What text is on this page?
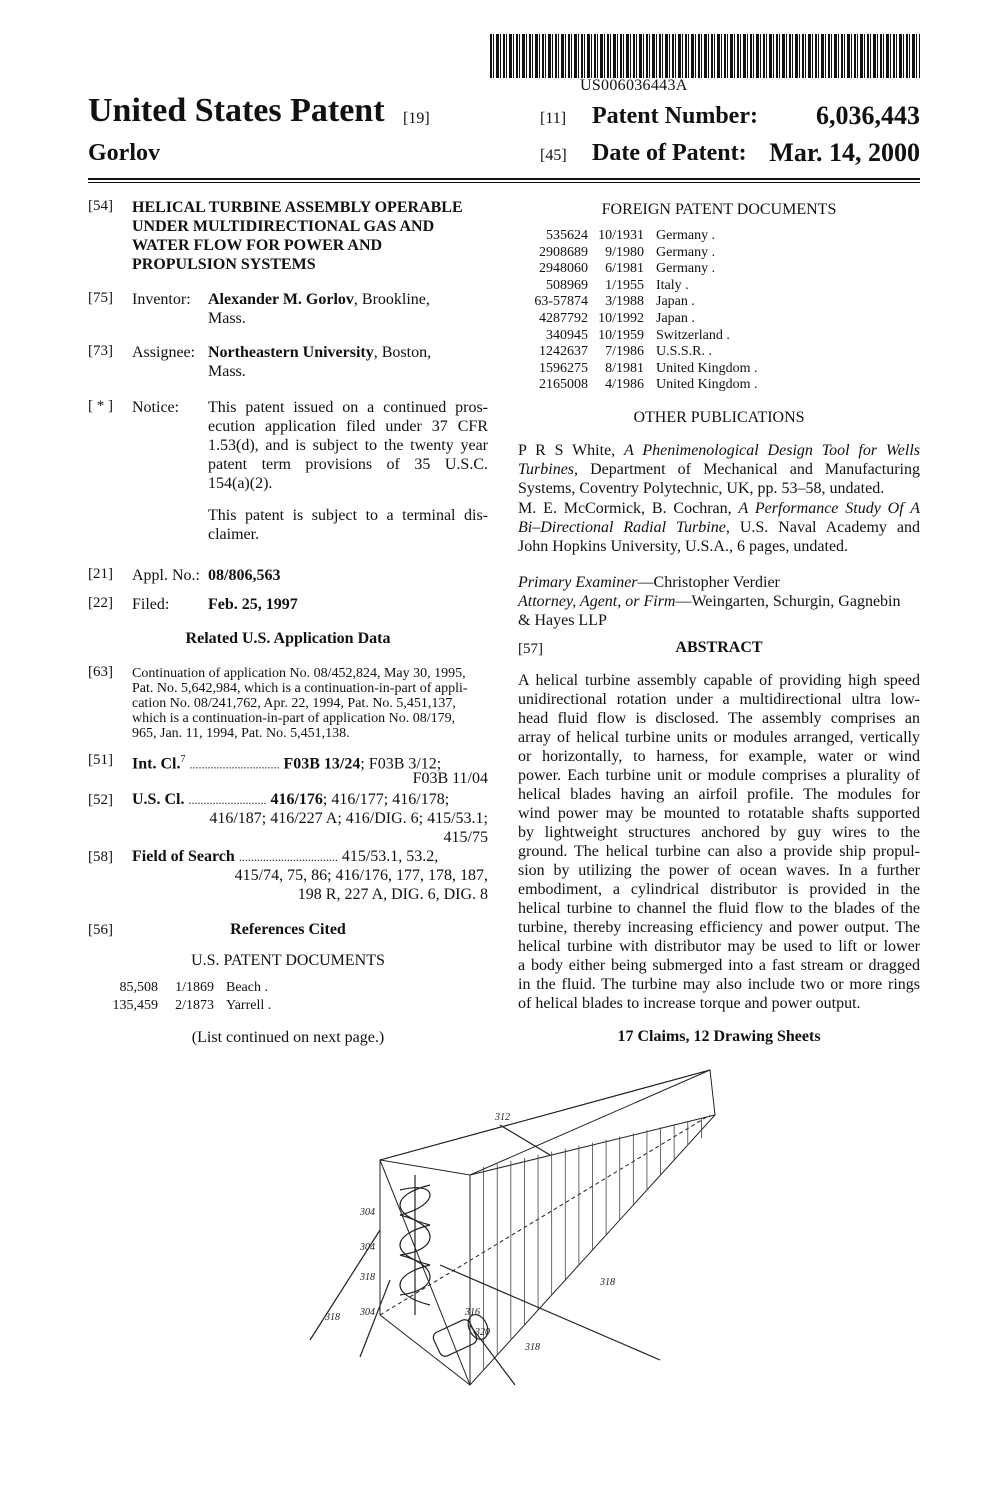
US006036443A
United States Patent [19]
Gorlov
[11] Patent Number: 6,036,443
[45] Date of Patent: Mar. 14, 2000
[54] HELICAL TURBINE ASSEMBLY OPERABLE
UNDER MULTIDIRECTIONAL GAS AND
WATER FLOW FOR POWER AND
PROPULSION SYSTEMS
[75] Inventor: Alexander M. Gorlov, Brookline,
Mass.
[73] Assignee: Northeastern University, Boston,
Mass.
[ * ] Notice: This patent issued on a continued pros-
ecution application filed under 37 CFR
1.53(d), and is subject to the twenty year
patent term provisions of 35 U.S.C.
154(a)(2).
This patent is subject to a terminal dis-
claimer.
[21] Appl. No.: 08/806,563
[22] Filed: Feb. 25, 1997
Related U.S. Application Data
[63] Continuation of application No. 08/452,824, May 30, 1995,
Pat. No. 5,642,984, which is a continuation-in-part of appli-
cation No. 08/241,762, Apr. 22, 1994, Pat. No. 5,451,137,
which is a continuation-in-part of application No. 08/179,
965, Jan. 11, 1994, Pat. No. 5,451,138.
[51] Int. Cl.$^7$ .............................. F03B 13/24; F03B 3/12;
F03B 11/04
[52] U.S. Cl. .......................... 416/176; 416/177; 416/178;
416/187; 416/227 A; 416/DIG. 6; 415/53.1;
415/75
[58] Field of Search ................................. 415/53.1, 53.2,
415/74, 75, 86; 416/176, 177, 178, 187,
198 R, 227 A, DIG. 6, DIG. 8
[56]	References Cited
U.S. PATENT DOCUMENTS
85,508 1/1869 Beach .
135,459 2/1873 Yarrell .
(List continued on next page.)
FOREIGN PATENT DOCUMENTS
535624 10/1931 Germany .
2908689 9/1980 Germany .
2948060 6/1981 Germany .
508969 1/1955 Italy .
63-57874 3/1988 Japan .
4287792 10/1992 Japan .
340945 10/1959 Switzerland .
1242637 7/1986 U.S.S.R. .
1596275 8/1981 United Kingdom .
2165008 4/1986 United Kingdom .
OTHER PUBLICATIONS
P R S White, A Phenimenological Design Tool for Wells
Turbines, Department of Mechanical and Manufacturing
Systems, Coventry Polytechnic, UK, pp. 53–58, undated.
M. E. McCormick, B. Cochran, A Performance Study Of A
Bi–Directional Radial Turbine, U.S. Naval Academy and
John Hopkins University, U.S.A., 6 pages, undated.
Primary Examiner—Christopher Verdier
Attorney, Agent, or Firm—Weingarten, Schurgin, Gagnebin
& Hayes LLP
[57]	ABSTRACT
A helical turbine assembly capable of providing high speed
unidirectional rotation under a multidirectional ultra low-
head fluid flow is disclosed. The assembly comprises an
array of helical turbine units or modules arranged, vertically
or horizontally, to harness, for example, water or wind
power. Each turbine unit or module comprises a plurality of
helical blades having an airfoil profile. The modules for
wind power may be mounted to rotatable shafts supported
by lightweight structures anchored by guy wires to the
ground. The helical turbine can also a provide ship propul-
sion by utilizing the power of ocean waves. In a further
embodiment, a cylindrical distributor is provided in the
helical turbine to channel the fluid flow to the blades of the
turbine, thereby increasing efficiency and power output. The
helical turbine with distributor may be used to lift or lower
a body either being submerged into a fast stream or dragged
in the fluid. The turbine may also include two or more rings
of helical blades to increase torque and power output.
17 Claims, 12 Drawing Sheets
312
304
304
318
304
318	316
320
318
318
